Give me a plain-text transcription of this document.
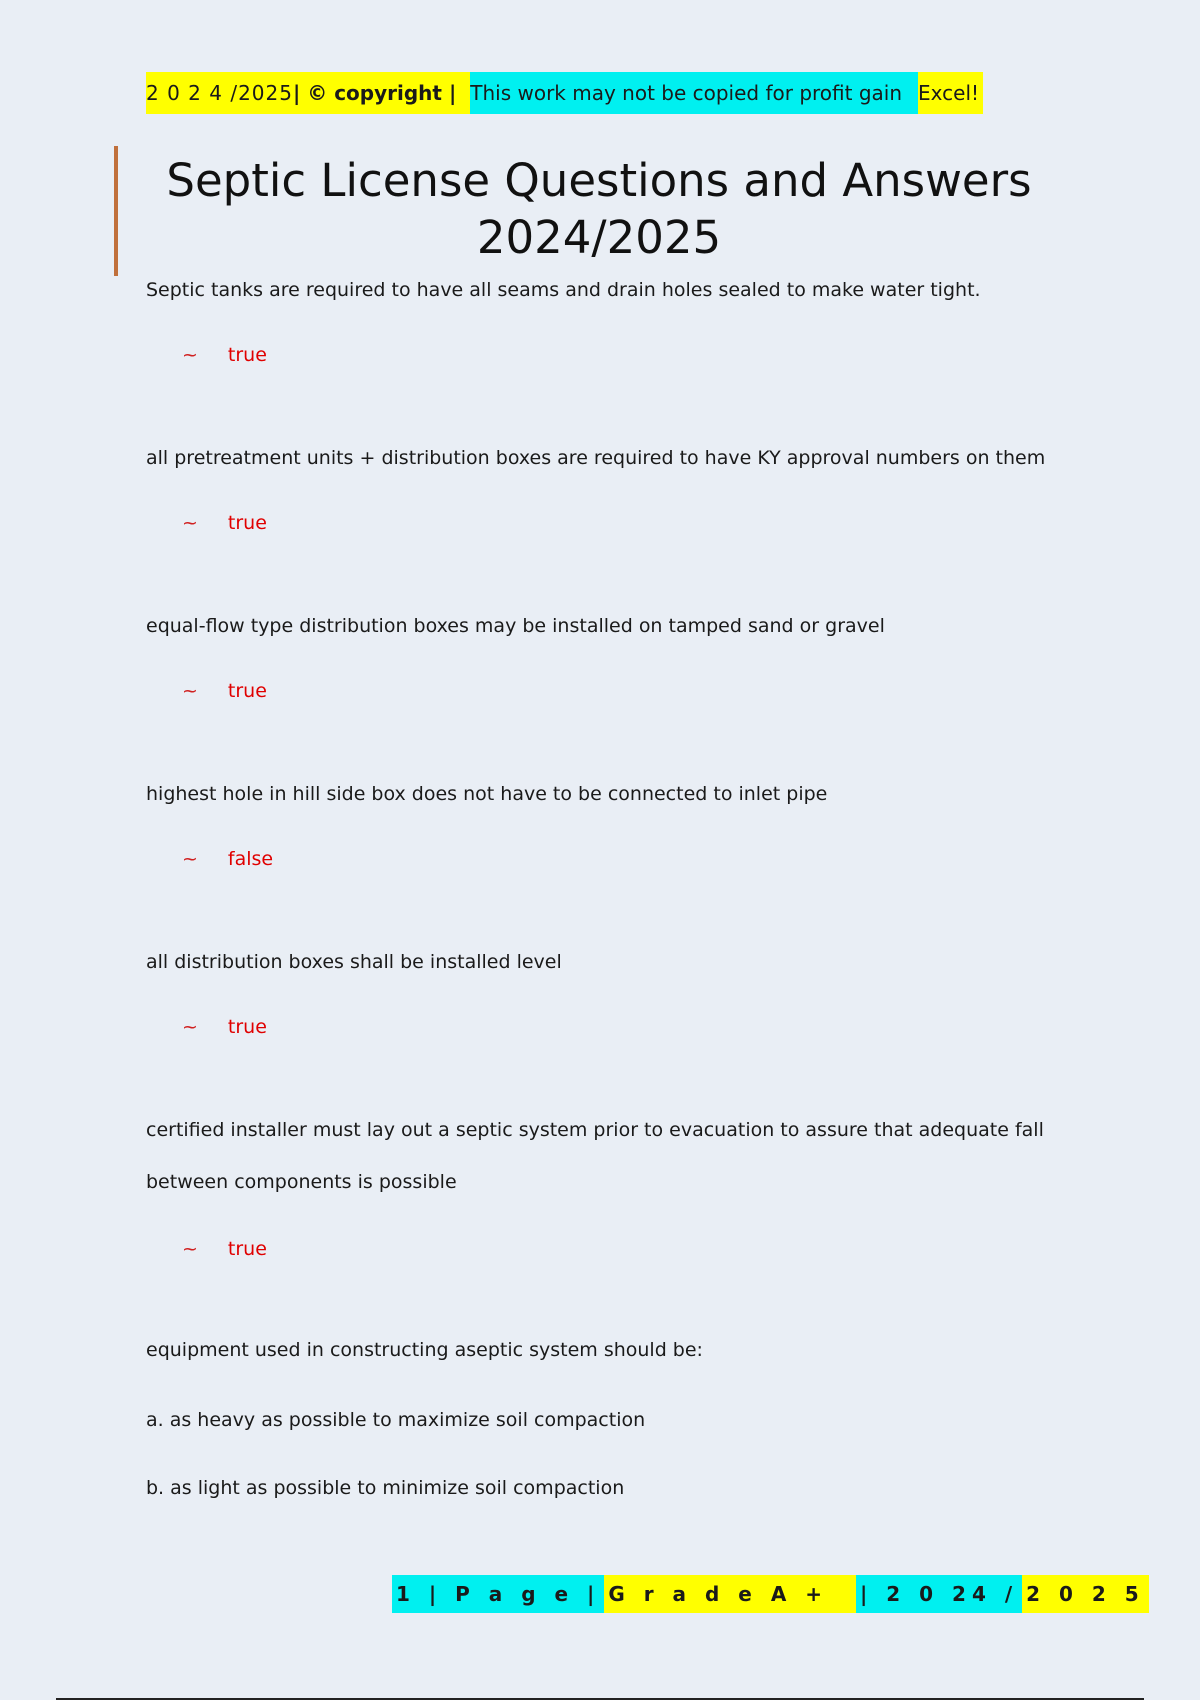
2 0 2 4 /2025 | © copyright | This work may not be copied for profit gain Excel!
Septic License Questions and Answers 2024/2025

Septic tanks are required to have all seams and drain holes sealed to make water tight.

~ true

all pretreatment units + distribution boxes are required to have KY approval numbers on them

~ true

equal-flow type distribution boxes may be installed on tamped sand or gravel

~ true

highest hole in hill side box does not have to be connected to inlet pipe

~ false

all distribution boxes shall be installed level

~ true

certified installer must lay out a septic system prior to evacuation to assure that adequate fall between components is possible

~ true

equipment used in constructing aseptic system should be:

a. as heavy as possible to maximize soil compaction

b. as light as possible to minimize soil compaction

1 | P a g e | G r a d e A +	| 2 0 24 / 2 0 2 5
